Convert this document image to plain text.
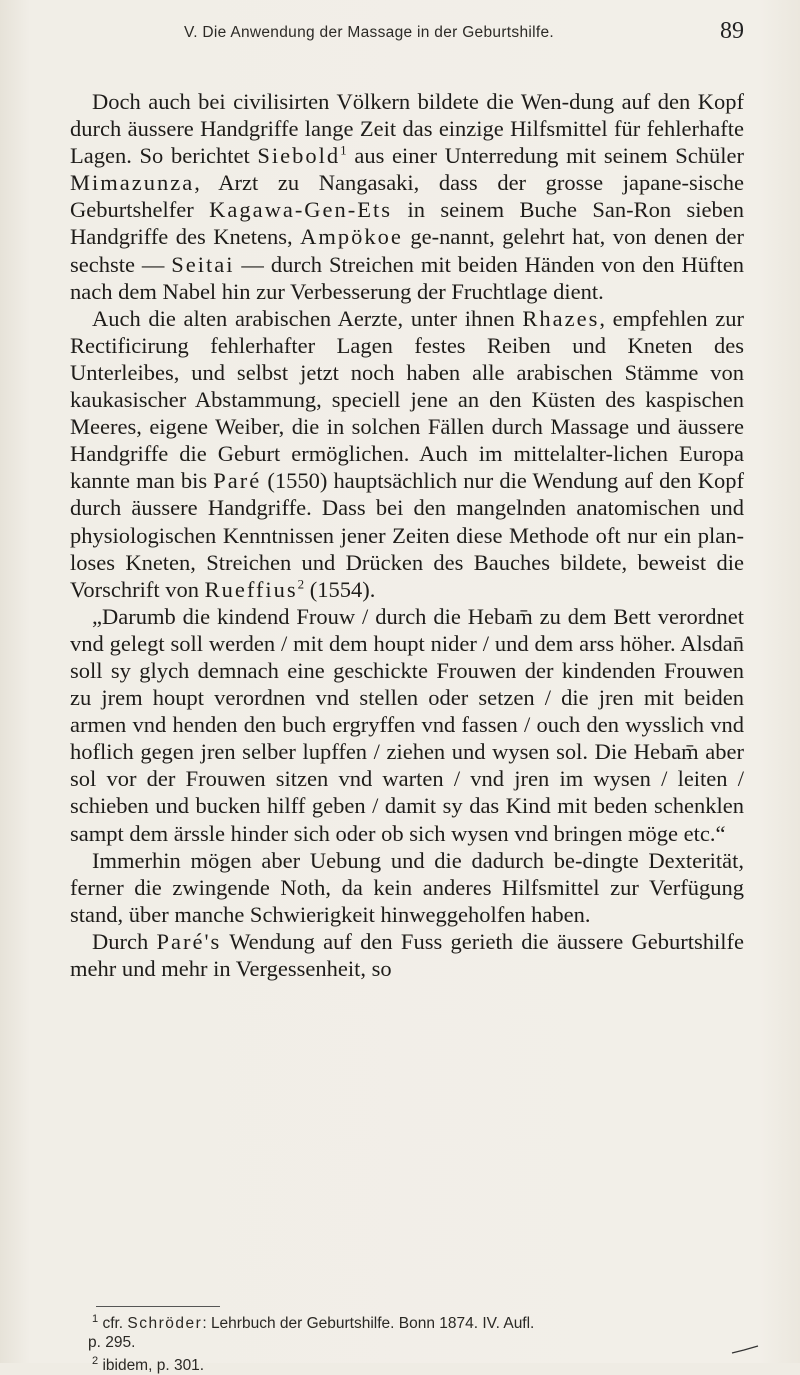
V. Die Anwendung der Massage in der Geburtshilfe.	89

Doch auch bei civilisirten Völkern bildete die Wen-dung auf den Kopf durch äussere Handgriffe lange Zeit das einzige Hilfsmittel für fehlerhafte Lagen. So berichtet Siebold$^1$ aus einer Unterredung mit seinem Schüler Mimazunza, Arzt zu Nangasaki, dass der grosse japane-sische Geburtshelfer Kagawa-Gen-Ets in seinem Buche San-Ron sieben Handgriffe des Knetens, Ampökoe ge-nannt, gelehrt hat, von denen der sechste — Seitai — durch Streichen mit beiden Händen von den Hüften nach dem Nabel hin zur Verbesserung der Fruchtlage dient.

Auch die alten arabischen Aerzte, unter ihnen Rhazes, empfehlen zur Rectificirung fehlerhafter Lagen festes Reiben und Kneten des Unterleibes, und selbst jetzt noch haben alle arabischen Stämme von kaukasischer Abstammung, speciell jene an den Küsten des kaspischen Meeres, eigene Weiber, die in solchen Fällen durch Massage und äussere Handgriffe die Geburt ermöglichen. Auch im mittelalter-lichen Europa kannte man bis Paré (1550) hauptsächlich nur die Wendung auf den Kopf durch äussere Handgriffe. Dass bei den mangelnden anatomischen und physiologischen Kenntnissen jener Zeiten diese Methode oft nur ein plan-loses Kneten, Streichen und Drücken des Bauches bildete, beweist die Vorschrift von Rueffius$^2$ (1554).

„Darumb die kindend Frouw / durch die Hebam̄ zu dem Bett verordnet vnd gelegt soll werden / mit dem houpt nider / und dem arss höher. Alsdan̄ soll sy glych demnach eine geschickte Frouwen der kindenden Frouwen zu jrem houpt verordnen vnd stellen oder setzen / die jren mit beiden armen vnd henden den buch ergryffen vnd fassen / ouch den wysslich vnd hoflich gegen jren selber lupffen / ziehen und wysen sol. Die Hebam̄ aber sol vor der Frouwen sitzen vnd warten / vnd jren im wysen / leiten / schieben und bucken hilff geben / damit sy das Kind mit beden schenklen sampt dem ärssle hinder sich oder ob sich wysen vnd bringen möge etc.“

Immerhin mögen aber Uebung und die dadurch be-dingte Dexterität, ferner die zwingende Noth, da kein anderes Hilfsmittel zur Verfügung stand, über manche Schwierigkeit hinweggeholfen haben.

Durch Paré's Wendung auf den Fuss gerieth die äussere Geburtshilfe mehr und mehr in Vergessenheit, so

$^1$ cfr. Schröder: Lehrbuch der Geburtshilfe. Bonn 1874. IV. Aufl.
p. 295.
$^2$ ibidem, p. 301.
